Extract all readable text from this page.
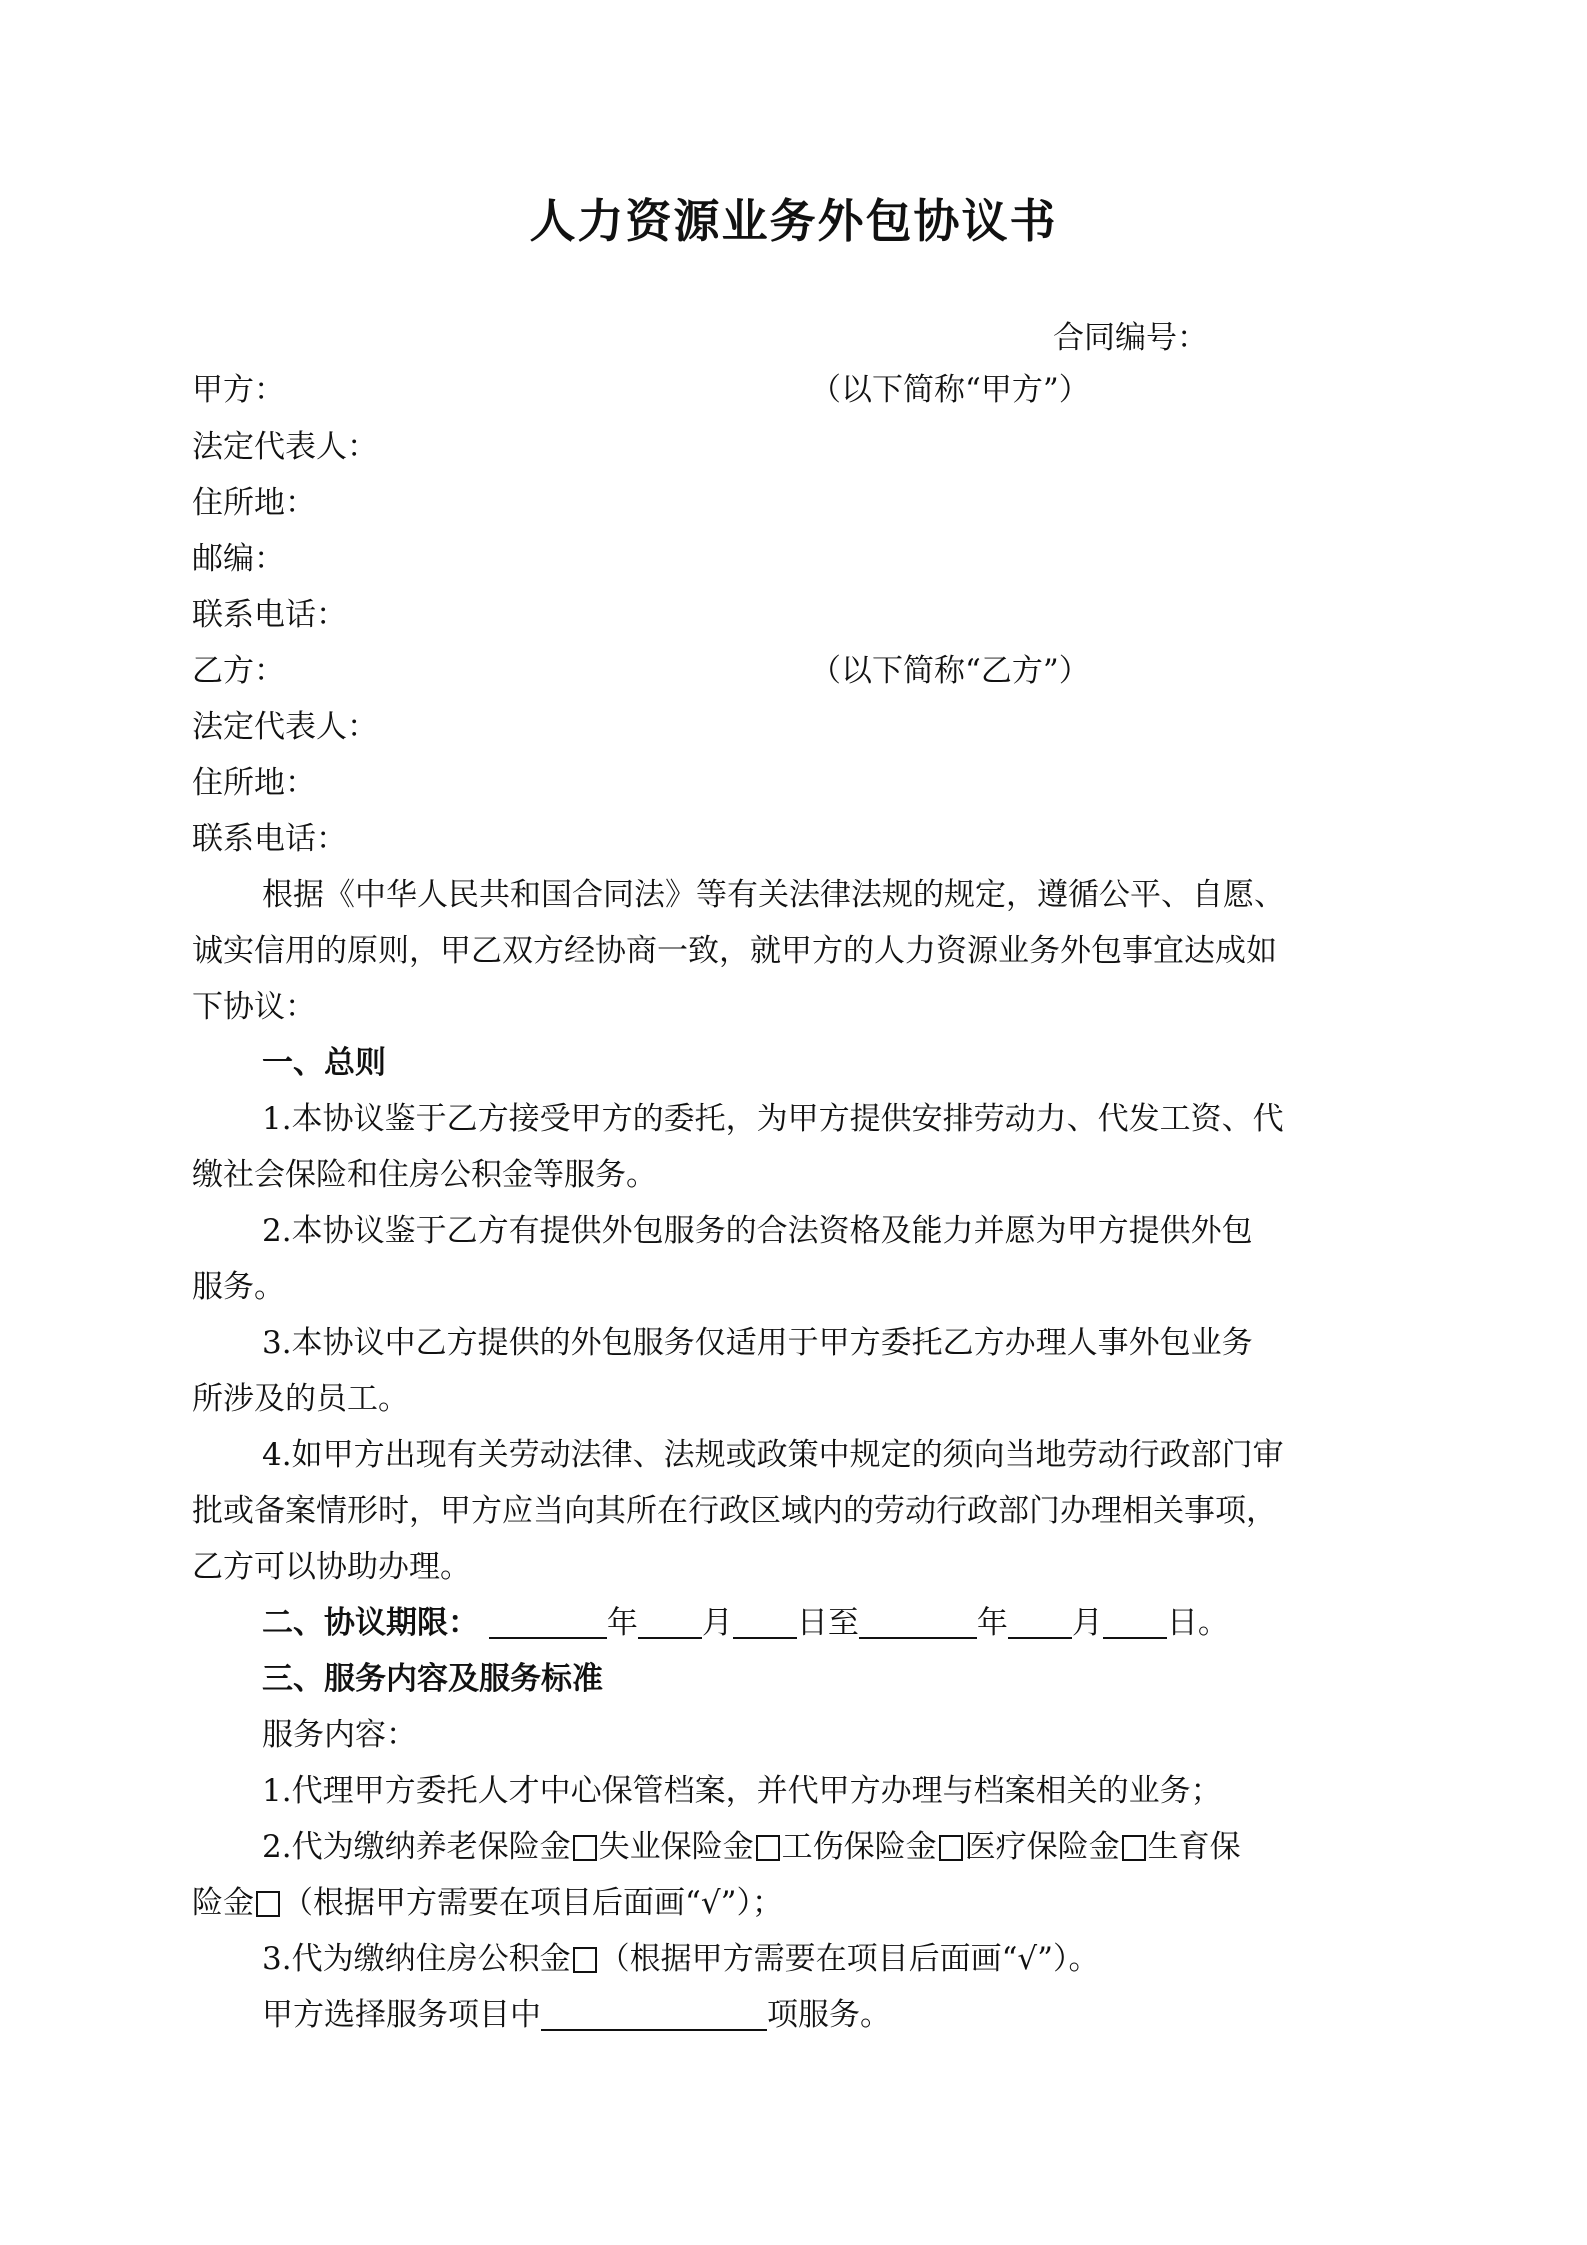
人力资源业务外包协议书
合同编号：
甲方：	（以下简称“甲方”）
法定代表人：
住所地：
邮编：
联系电话：
乙方：	（以下简称“乙方”）
法定代表人：
住所地：
联系电话：
根据《中华人民共和国合同法》等有关法律法规的规定，遵循公平、自愿、
诚实信用的原则，甲乙双方经协商一致，就甲方的人力资源业务外包事宜达成如
下协议：
一、总则
1.本协议鉴于乙方接受甲方的委托，为甲方提供安排劳动力、代发工资、代
缴社会保险和住房公积金等服务。
2.本协议鉴于乙方有提供外包服务的合法资格及能力并愿为甲方提供外包
服务。
3.本协议中乙方提供的外包服务仅适用于甲方委托乙方办理人事外包业务
所涉及的员工。
4.如甲方出现有关劳动法律、法规或政策中规定的须向当地劳动行政部门审
批或备案情形时，甲方应当向其所在行政区域内的劳动行政部门办理相关事项，
乙方可以协助办理。
二、协议期限：	年 月 日至	年 月 日。
三、服务内容及服务标准
服务内容：
1.代理甲方委托人才中心保管档案，并代甲方办理与档案相关的业务；
2.代为缴纳养老保险金 失业保险金 工伤保险金 医疗保险金 生育保
险金 （根据甲方需要在项目后面画“√”）；
3.代为缴纳住房公积金 （根据甲方需要在项目后面画“√”）。
甲方选择服务项目中	项服务。
